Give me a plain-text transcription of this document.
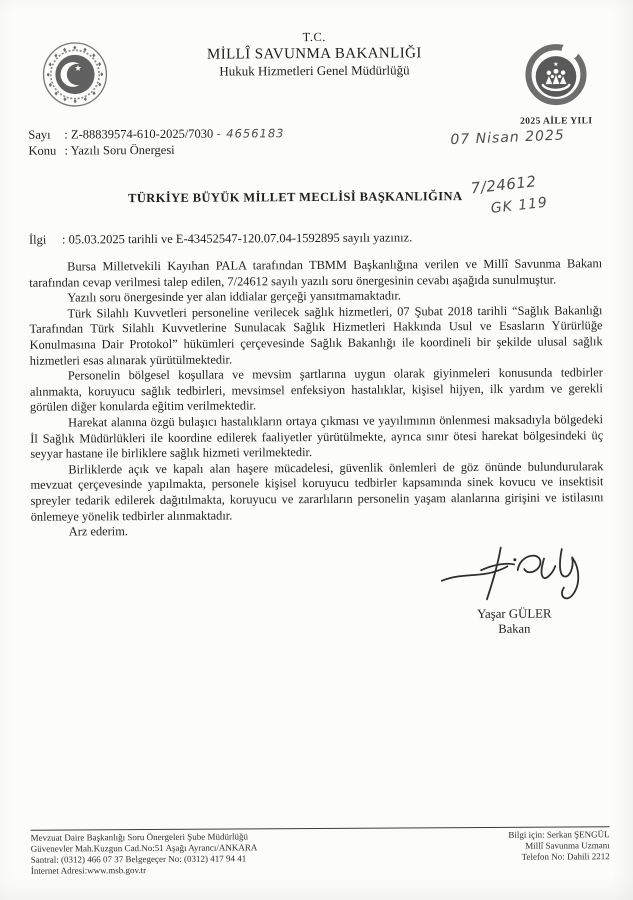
T.C.
MİLLÎ SAVUNMA BAKANLIĞI
Hukuk Hizmetleri Genel Müdürlüğü
★	★
2025 AİLE YILI
Sayı : Z-88839574-610-2025/7030 - 4656183
Konu : Yazılı Soru Önergesi
07 Nisan 2025
7/24612
GK 119
TÜRKİYE BÜYÜK MİLLET MECLİSİ BAŞKANLIĞINA
İlgi : 05.03.2025 tarihli ve E-43452547-120.07.04-1592895 sayılı yazınız.

Bursa Milletvekili Kayıhan PALA tarafından TBMM Başkanlığına verilen ve Millî Savunma Bakanı tarafından cevap verilmesi talep edilen, 7/24612 sayılı yazılı soru önergesinin cevabı aşağıda sunulmuştur.

Yazılı soru önergesinde yer alan iddialar gerçeği yansıtmamaktadır.

Türk Silahlı Kuvvetleri personeline verilecek sağlık hizmetleri, 07 Şubat 2018 tarihli “Sağlık Bakanlığı Tarafından Türk Silahlı Kuvvetlerine Sunulacak Sağlık Hizmetleri Hakkında Usul ve Esasların Yürürlüğe Konulmasına Dair Protokol” hükümleri çerçevesinde Sağlık Bakanlığı ile koordineli bir şekilde ulusal sağlık hizmetleri esas alınarak yürütülmektedir.

Personelin bölgesel koşullara ve mevsim şartlarına uygun olarak giyinmeleri konusunda tedbirler alınmakta, koruyucu sağlık tedbirleri, mevsimsel enfeksiyon hastalıklar, kişisel hijyen, ilk yardım ve gerekli görülen diğer konularda eğitim verilmektedir.

Harekat alanına özgü bulaşıcı hastalıkların ortaya çıkması ve yayılımının önlenmesi maksadıyla bölgedeki İl Sağlık Müdürlükleri ile koordine edilerek faaliyetler yürütülmekte, ayrıca sınır ötesi harekat bölgesindeki üç seyyar hastane ile birliklere sağlık hizmeti verilmektedir.

Birliklerde açık ve kapalı alan haşere mücadelesi, güvenlik önlemleri de göz önünde bulundurularak mevzuat çerçevesinde yapılmakta, personele kişisel koruyucu tedbirler kapsamında sinek kovucu ve insektisit spreyler tedarik edilerek dağıtılmakta, koruyucu ve zararlıların personelin yaşam alanlarına girişini ve istilasını önlemeye yönelik tedbirler alınmaktadır.

Arz ederim.

Yaşar GÜLER
Bakan
Mevzuat Daire Başkanlığı Soru Önergeleri Şube Müdürlüğü
Güvenevler Mah.Kuzgun Cad.No:51 Aşağı Ayrancı/ANKARA
Santral: (0312) 466 07 37 Belgegeçer No: (0312) 417 94 41
İnternet Adresi:www.msb.gov.tr
Bilgi için: Serkan ŞENGÜL
Millî Savunma Uzmanı
Telefon No: Dahili 2212
